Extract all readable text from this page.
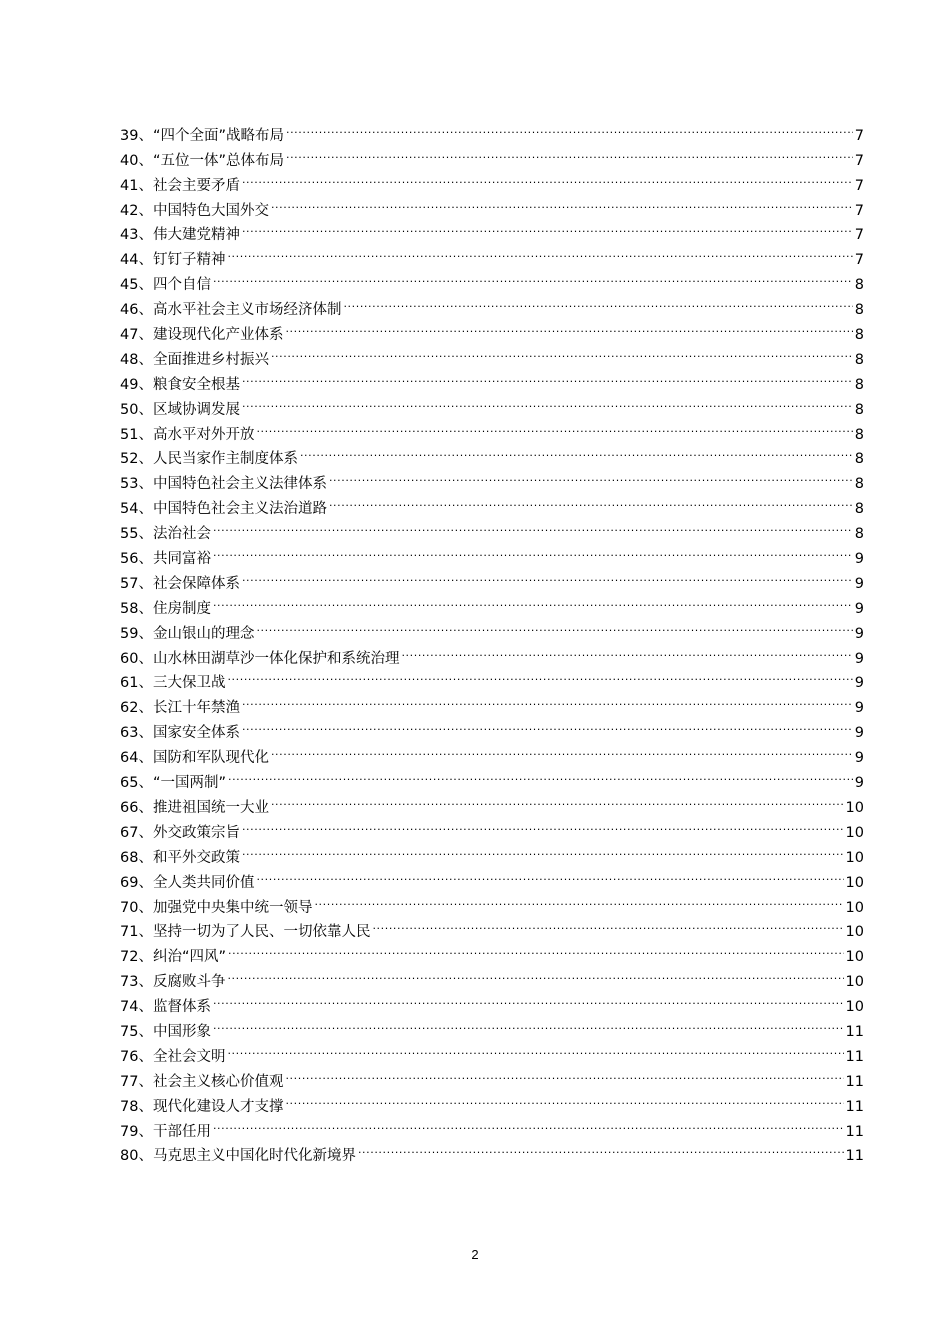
39 、 “四个全面”战略布局 .....	7
40 、 “五位一体”总体布局 .....	7
41 、 社会主要矛盾 .....	7
42 、 中国特色大国外交 .....	7
43 、 伟大建党精神 .....	7
44 、 钉钉子精神 .....	7
45 、 四个自信 .....	8
46 、 高水平社会主义市场经济体制 .....	8
47 、 建设现代化产业体系 .....	8
48 、 全面推进乡村振兴 .....	8
49 、 粮食安全根基 .....	8
50 、 区域协调发展 .....	8
51 、 高水平对外开放 .....	8
52 、 人民当家作主制度体系 .....	8
53 、 中国特色社会主义法律体系 .....	8
54 、 中国特色社会主义法治道路 .....	8
55 、 法治社会 .....	8
56 、 共同富裕 .....	9
57 、 社会保障体系 .....	9
58 、 住房制度 .....	9
59 、 金山银山的理念 .....	9
60 、 山水林田湖草沙一体化保护和系统治理 .....	9
61 、 三大保卫战 .....	9
62 、 长江十年禁渔 .....	9
63 、 国家安全体系 .....	9
64 、 国防和军队现代化 .....	9
65 、 “一国两制” .....	9
66 、 推进祖国统一大业 .....	10
67 、 外交政策宗旨 .....	10
68 、 和平外交政策 .....	10
69 、 全人类共同价值 .....	10
70 、 加强党中央集中统一领导 .....	10
71 、 坚持一切为了人民、一切依靠人民 .....	10
72 、 纠治“四风” .....	10
73 、 反腐败斗争 .....	10
74 、 监督体系 .....	10
75 、 中国形象 .....	11
76 、 全社会文明 .....	11
77 、 社会主义核心价值观 .....	11
78 、 现代化建设人才支撑 .....	11
79 、 干部任用 .....	11
80 、 马克思主义中国化时代化新境界 .....	11
2
